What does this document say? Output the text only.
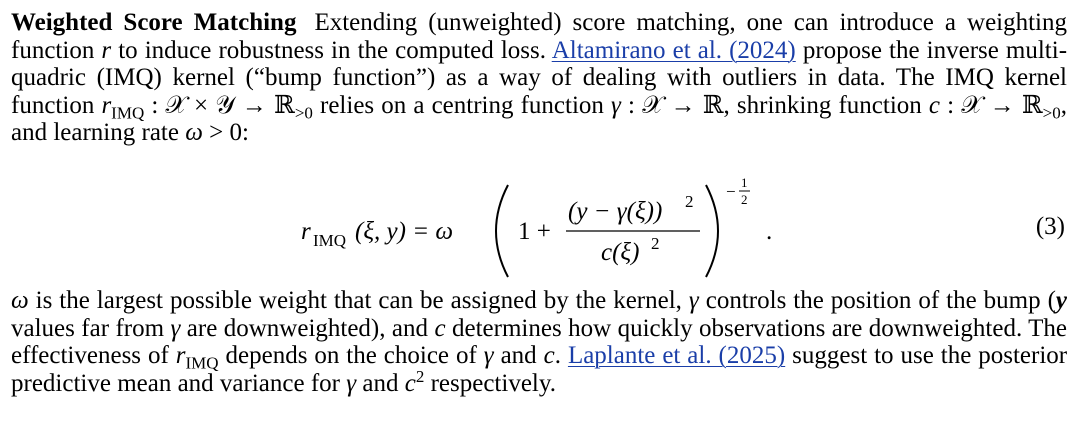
Weighted Score Matching Extending (unweighted) score matching, one can introduce a weighting function r to induce robustness in the computed loss. Altamirano et al. (2024) propose the inverse multi-quadric (IMQ) kernel (“bump function”) as a way of dealing with outliers in data. The IMQ kernel function $r_{IMQ}$ : 𝒳 × 𝒴 → ℝ$_{>0}$ relies on a centring function γ : 𝒳 → ℝ, shrinking function c : 𝒳 → ℝ$_{>0}$, and learning rate ω > 0:

r IMQ (ξ, y) = ω	1 +
(y − γ(ξ)) 2
c(ξ) 2
− 1
2
.	(3)

ω is the largest possible weight that can be assigned by the kernel, γ controls the position of the bump (y values far from γ are downweighted), and c determines how quickly observations are downweighted. The effectiveness of $r_{IMQ}$ depends on the choice of γ and c. Laplante et al. (2025) suggest to use the posterior predictive mean and variance for γ and $c^2$ respectively.
